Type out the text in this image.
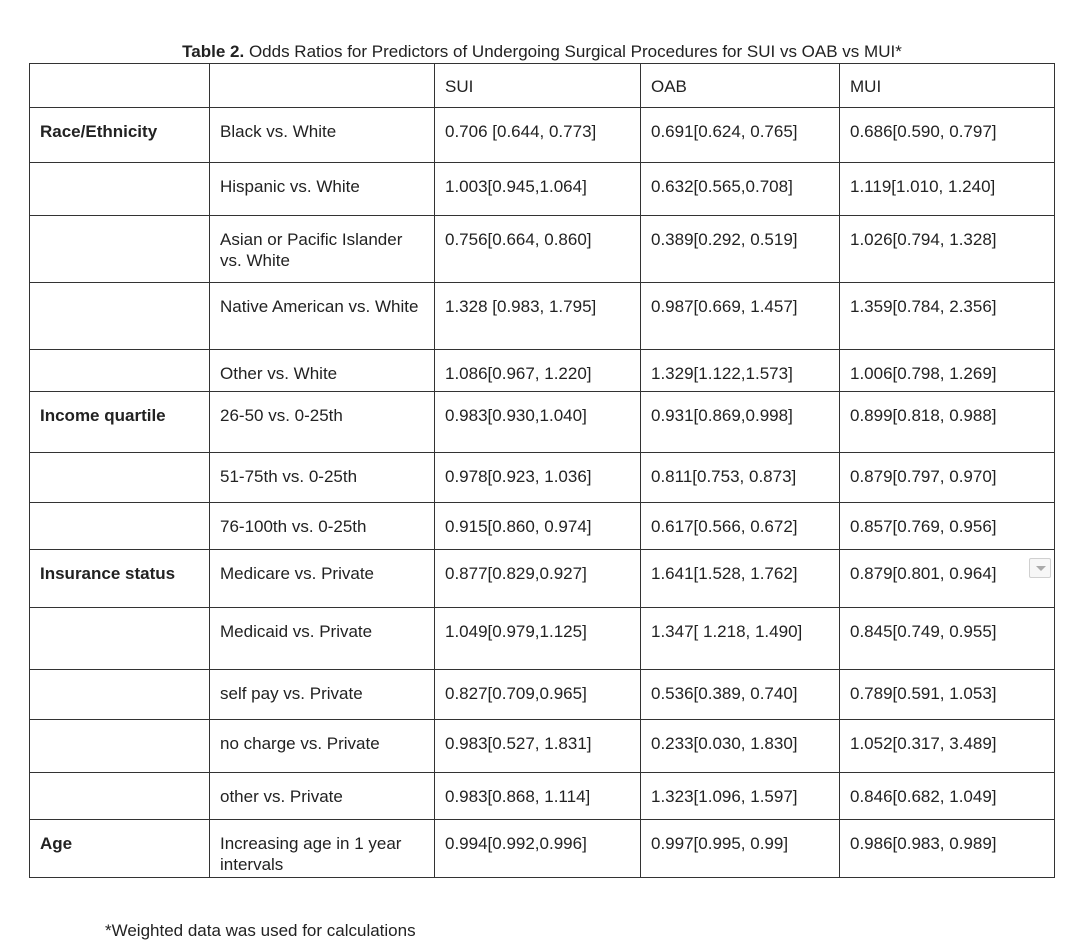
Table 2. Odds Ratios for Predictors of Undergoing Surgical Procedures for SUI vs OAB vs MUI*
		SUI	OAB	MUI
Race/Ethnicity	Black vs. White	0.706 [0.644, 0.773]	0.691[0.624, 0.765]	0.686[0.590, 0.797]
	Hispanic vs. White	1.003[0.945,1.064]	0.632[0.565,0.708]	1.119[1.010, 1.240]
	Asian or Pacific Islander vs. White	0.756[0.664, 0.860]	0.389[0.292, 0.519]	1.026[0.794, 1.328]
	Native American vs. White	1.328 [0.983, 1.795]	0.987[0.669, 1.457]	1.359[0.784, 2.356]
	Other vs. White	1.086[0.967, 1.220]	1.329[1.122,1.573]	1.006[0.798, 1.269]
Income quartile	26-50 vs. 0-25th	0.983[0.930,1.040]	0.931[0.869,0.998]	0.899[0.818, 0.988]
	51-75th vs. 0-25th	0.978[0.923, 1.036]	0.811[0.753, 0.873]	0.879[0.797, 0.970]
	76-100th vs. 0-25th	0.915[0.860, 0.974]	0.617[0.566, 0.672]	0.857[0.769, 0.956]
Insurance status	Medicare vs. Private	0.877[0.829,0.927]	1.641[1.528, 1.762]	0.879[0.801, 0.964]
	Medicaid vs. Private	1.049[0.979,1.125]	1.347[ 1.218, 1.490]	0.845[0.749, 0.955]
	self pay vs. Private	0.827[0.709,0.965]	0.536[0.389, 0.740]	0.789[0.591, 1.053]
	no charge vs. Private	0.983[0.527, 1.831]	0.233[0.030, 1.830]	1.052[0.317, 3.489]
	other vs. Private	0.983[0.868, 1.114]	1.323[1.096, 1.597]	0.846[0.682, 1.049]
Age	Increasing age in 1 year intervals	0.994[0.992,0.996]	0.997[0.995, 0.99]	0.986[0.983, 0.989]
*Weighted data was used for calculations
